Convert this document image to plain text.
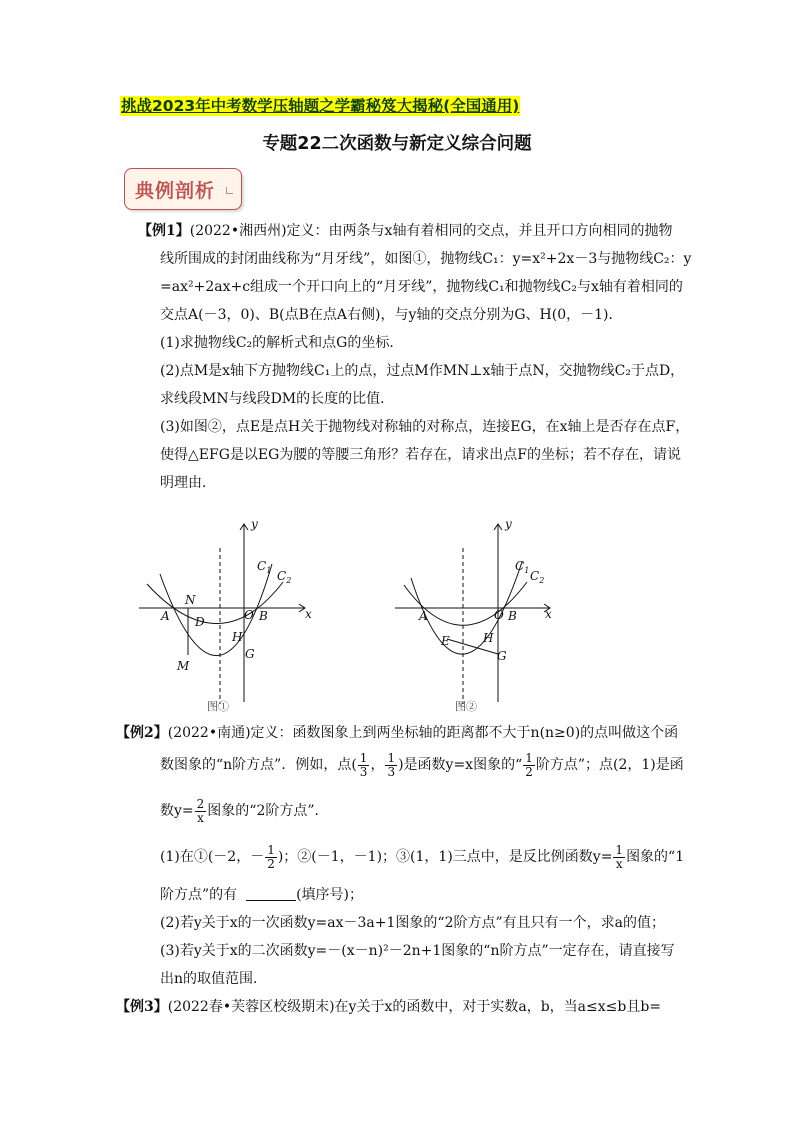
挑战2023年中考数学压轴题之学霸秘笈大揭秘(全国通用)
专题22二次函数与新定义综合问题
典例剖析
【例1】(2022•湘西州)定义：由两条与x轴有着相同的交点，并且开口方向相同的抛物
线所围成的封闭曲线称为“月牙线”，如图①，抛物线C₁：y=x²+2x－3与抛物线C₂：y
=ax²+2ax+c组成一个开口向上的“月牙线”，抛物线C₁和抛物线C₂与x轴有着相同的
交点A(－3，0)、B(点B在点A右侧)，与y轴的交点分别为G、H(0，－1)．
(1)求抛物线C₂的解析式和点G的坐标．
(2)点M是x轴下方抛物线C₁上的点，过点M作MN⊥x轴于点N，交抛物线C₂于点D，
求线段MN与线段DM的长度的比值．
(3)如图②，点E是点H关于抛物线对称轴的对称点，连接EG，在x轴上是否存在点F，
使得△EFG是以EG为腰的等腰三角形？若存在，请求出点F的坐标；若不存在，请说
明理由．
y
x
A
N
D	O B
H
G
M
$C_1$ $C_2$
图①
y
x
A
E
O B
H
G
$C_1$ $C_2$
图②
【例2】(2022•南通)定义：函数图象上到两坐标轴的距离都不大于n(n≥0)的点叫做这个函
数图象的“n阶方点”．例如，点( $\frac{1}{3}$ ， $\frac{1}{3}$ )是函数y=x图象的“ $\frac{1}{2}$ 阶方点”；点(2，1)是函
数$y= \frac{2}{x}$ 图象的“2阶方点”．
(1)在①(－2，－ $\frac{1}{2}$ )；②(－1，－1)；③(1，1)三点中，是反比例函数$y= \frac{1}{x}$ 图象的“1
阶方点”的有	(填序号)；
(2)若y关于x的一次函数y=ax－3a+1图象的“2阶方点”有且只有一个，求a的值；
(3)若y关于x的二次函数y=－(x－n)²－2n+1图象的“n阶方点”一定存在，请直接写
出n的取值范围．
【例3】(2022春•芙蓉区校级期末)在y关于x的函数中，对于实数a，b，当a≤x≤b且b=
